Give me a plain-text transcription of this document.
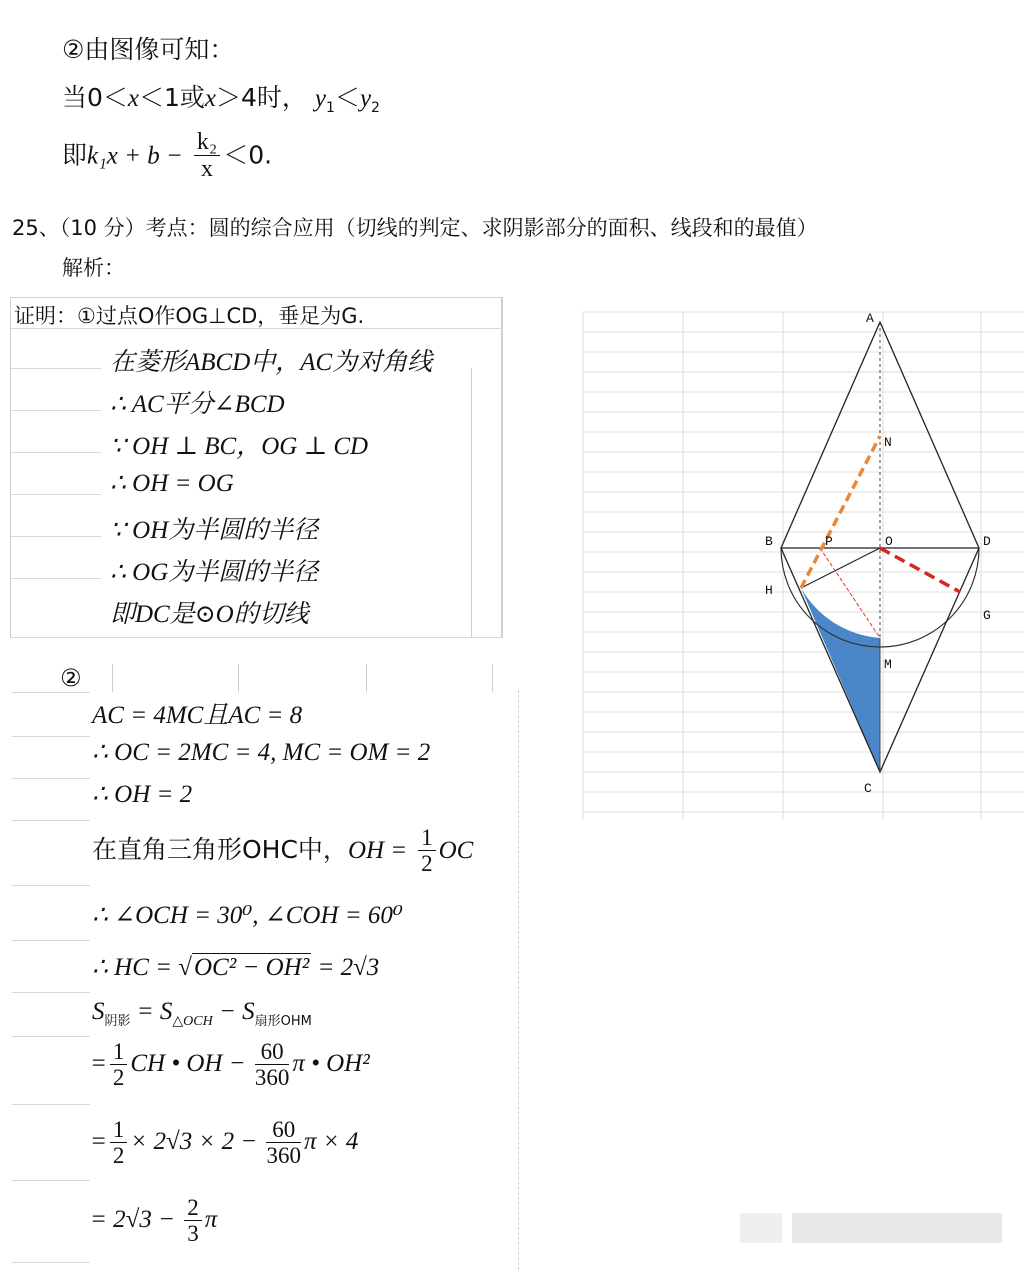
②由图像可知：
当0＜x＜1或x＞4时， $y_1<y_2$
即$k_1x + b - \frac{\text{k₂}}{x} <0$.
25、（10 分）考点：圆的综合应用（切线的判定、求阴影部分的面积、线段和的最值）
解析：
证明：①过点O作OG⊥CD，垂足为G.
在菱形ABCD中，AC为对角线
∴ AC平分∠BCD
∵ OH ⊥ BC，OG ⊥ CD
∴ OH = OG
∵ OH为半圆的半径
∴ OG为半圆的半径
即DC是⊙O的切线
②
AC = 4MC且AC = 8
∴ OC = 2MC = 4, MC = OM = 2
∴ OH = 2
在直角三角形OHC中，OH = $\frac{1}{2}$ OC
∴ ∠OCH = 30⁰, ∠COH = 60⁰
∴ HC = √OC² − OH² = 2√3
$S_{阴影} = S_{\triangle OCH} - S_{扇形OHM}$
= $\frac{1}{2}$ CH • OH − $\frac{60}{360}$ π • OH²
= $\frac{1}{2} \times 2√3 \times 2 - \frac{60}{360}$ π × 4
= $2√3 - \frac{2}{3}$ π
A
B	D
O
P
N
H
G
M
C
